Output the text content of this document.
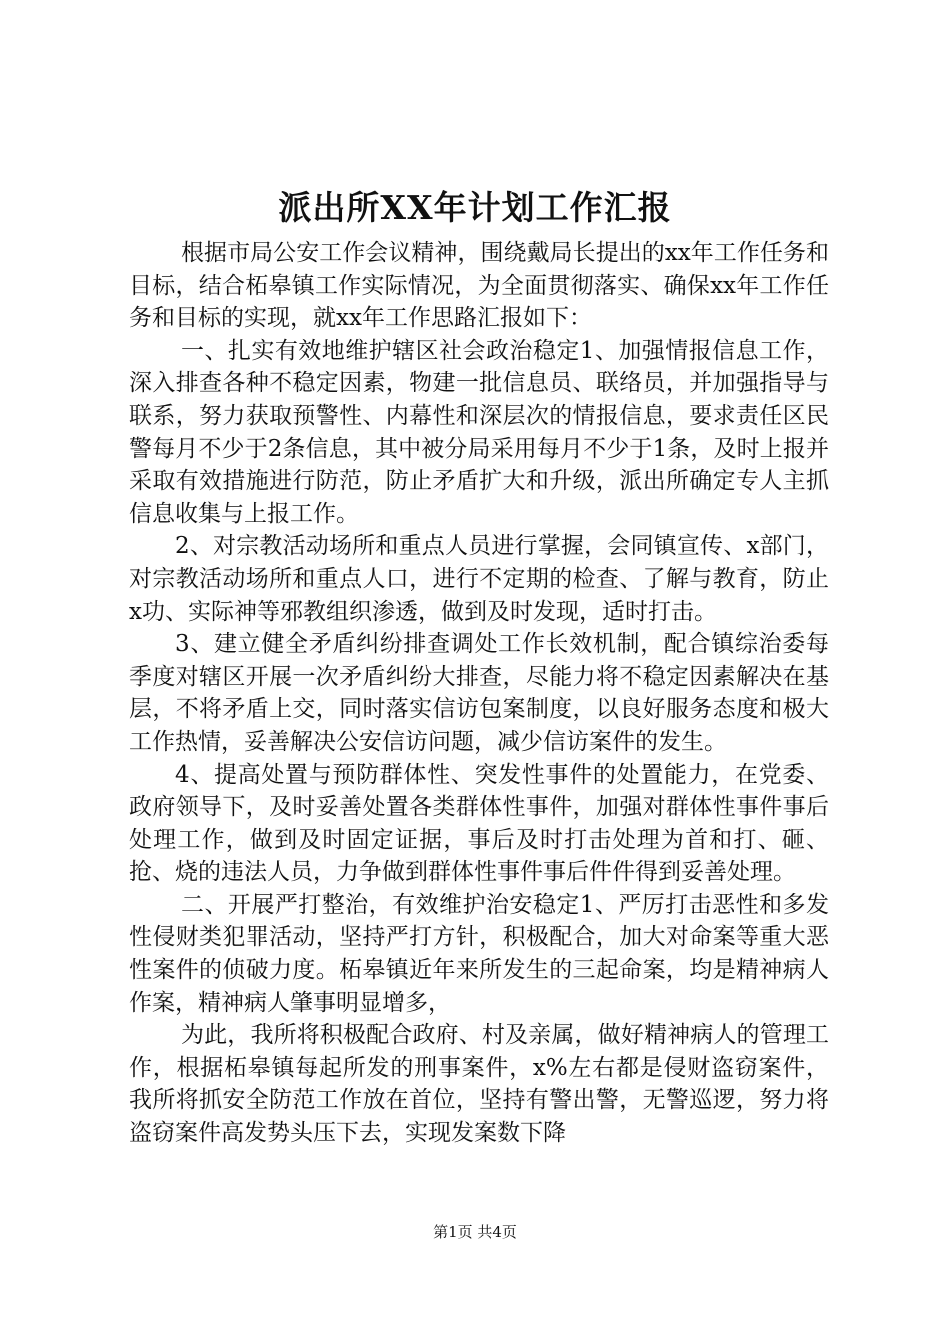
派出所XX年计划工作汇报

根据市局公安工作会议精神，围绕戴局长提出的xx年工作任务和目标，结合柘皋镇工作实际情况，为全面贯彻落实、确保xx年工作任务和目标的实现，就xx年工作思路汇报如下：

一、扎实有效地维护辖区社会政治稳定1、加强情报信息工作，深入排查各种不稳定因素，物建一批信息员、联络员，并加强指导与联系，努力获取预警性、内幕性和深层次的情报信息，要求责任区民警每月不少于2条信息，其中被分局采用每月不少于1条，及时上报并采取有效措施进行防范，防止矛盾扩大和升级，派出所确定专人主抓信息收集与上报工作。

2、对宗教活动场所和重点人员进行掌握，会同镇宣传、x部门，对宗教活动场所和重点人口，进行不定期的检查、了解与教育，防止x功、实际神等邪教组织渗透，做到及时发现，适时打击。

3、建立健全矛盾纠纷排查调处工作长效机制，配合镇综治委每季度对辖区开展一次矛盾纠纷大排查，尽能力将不稳定因素解决在基层，不将矛盾上交，同时落实信访包案制度，以良好服务态度和极大工作热情，妥善解决公安信访问题，减少信访案件的发生。

4、提高处置与预防群体性、突发性事件的处置能力，在党委、政府领导下，及时妥善处置各类群体性事件，加强对群体性事件事后处理工作，做到及时固定证据，事后及时打击处理为首和打、砸、抢、烧的违法人员，力争做到群体性事件事后件件得到妥善处理。

二、开展严打整治，有效维护治安稳定1、严厉打击恶性和多发性侵财类犯罪活动，坚持严打方针，积极配合，加大对命案等重大恶性案件的侦破力度。柘皋镇近年来所发生的三起命案，均是精神病人作案，精神病人肇事明显增多，

为此，我所将积极配合政府、村及亲属，做好精神病人的管理工作，根据柘皋镇每起所发的刑事案件，x%左右都是侵财盗窃案件，我所将抓安全防范工作放在首位，坚持有警出警，无警巡逻，努力将盗窃案件高发势头压下去，实现发案数下降

第1页 共4页
